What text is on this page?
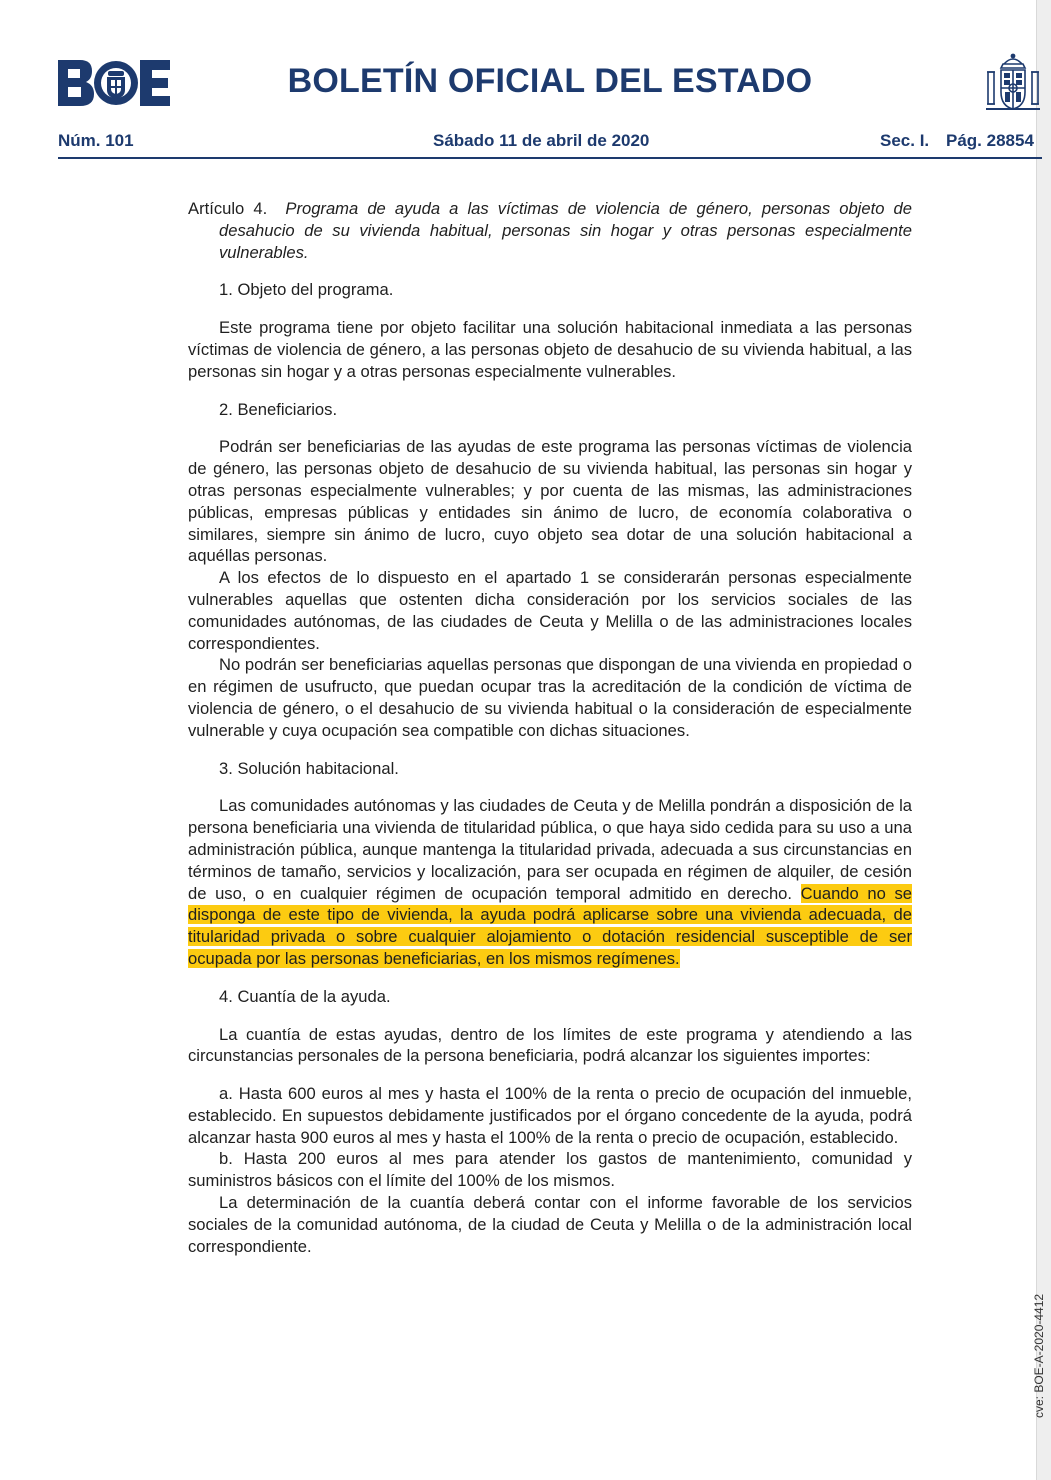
BOLETÍN OFICIAL DEL ESTADO
Núm. 101	Sábado 11 de abril de 2020	Sec. I. Pág. 28854

Artículo 4. Programa de ayuda a las víctimas de violencia de género, personas objeto de desahucio de su vivienda habitual, personas sin hogar y otras personas especialmente vulnerables.

1. Objeto del programa.

Este programa tiene por objeto facilitar una solución habitacional inmediata a las personas víctimas de violencia de género, a las personas objeto de desahucio de su vivienda habitual, a las personas sin hogar y a otras personas especialmente vulnerables.

2. Beneficiarios.

Podrán ser beneficiarias de las ayudas de este programa las personas víctimas de violencia de género, las personas objeto de desahucio de su vivienda habitual, las personas sin hogar y otras personas especialmente vulnerables; y por cuenta de las mismas, las administraciones públicas, empresas públicas y entidades sin ánimo de lucro, de economía colaborativa o similares, siempre sin ánimo de lucro, cuyo objeto sea dotar de una solución habitacional a aquéllas personas.

A los efectos de lo dispuesto en el apartado 1 se considerarán personas especialmente vulnerables aquellas que ostenten dicha consideración por los servicios sociales de las comunidades autónomas, de las ciudades de Ceuta y Melilla o de las administraciones locales correspondientes.

No podrán ser beneficiarias aquellas personas que dispongan de una vivienda en propiedad o en régimen de usufructo, que puedan ocupar tras la acreditación de la condición de víctima de violencia de género, o el desahucio de su vivienda habitual o la consideración de especialmente vulnerable y cuya ocupación sea compatible con dichas situaciones.

3. Solución habitacional.

Las comunidades autónomas y las ciudades de Ceuta y de Melilla pondrán a disposición de la persona beneficiaria una vivienda de titularidad pública, o que haya sido cedida para su uso a una administración pública, aunque mantenga la titularidad privada, adecuada a sus circunstancias en términos de tamaño, servicios y localización, para ser ocupada en régimen de alquiler, de cesión de uso, o en cualquier régimen de ocupación temporal admitido en derecho. Cuando no se disponga de este tipo de vivienda, la ayuda podrá aplicarse sobre una vivienda adecuada, de titularidad privada o sobre cualquier alojamiento o dotación residencial susceptible de ser ocupada por las personas beneficiarias, en los mismos regímenes.

4. Cuantía de la ayuda.

La cuantía de estas ayudas, dentro de los límites de este programa y atendiendo a las circunstancias personales de la persona beneficiaria, podrá alcanzar los siguientes importes:

a. Hasta 600 euros al mes y hasta el 100% de la renta o precio de ocupación del inmueble, establecido. En supuestos debidamente justificados por el órgano concedente de la ayuda, podrá alcanzar hasta 900 euros al mes y hasta el 100% de la renta o precio de ocupación, establecido.

b. Hasta 200 euros al mes para atender los gastos de mantenimiento, comunidad y suministros básicos con el límite del 100% de los mismos.

La determinación de la cuantía deberá contar con el informe favorable de los servicios sociales de la comunidad autónoma, de la ciudad de Ceuta y Melilla o de la administración local correspondiente.

cve: BOE-A-2020-4412
